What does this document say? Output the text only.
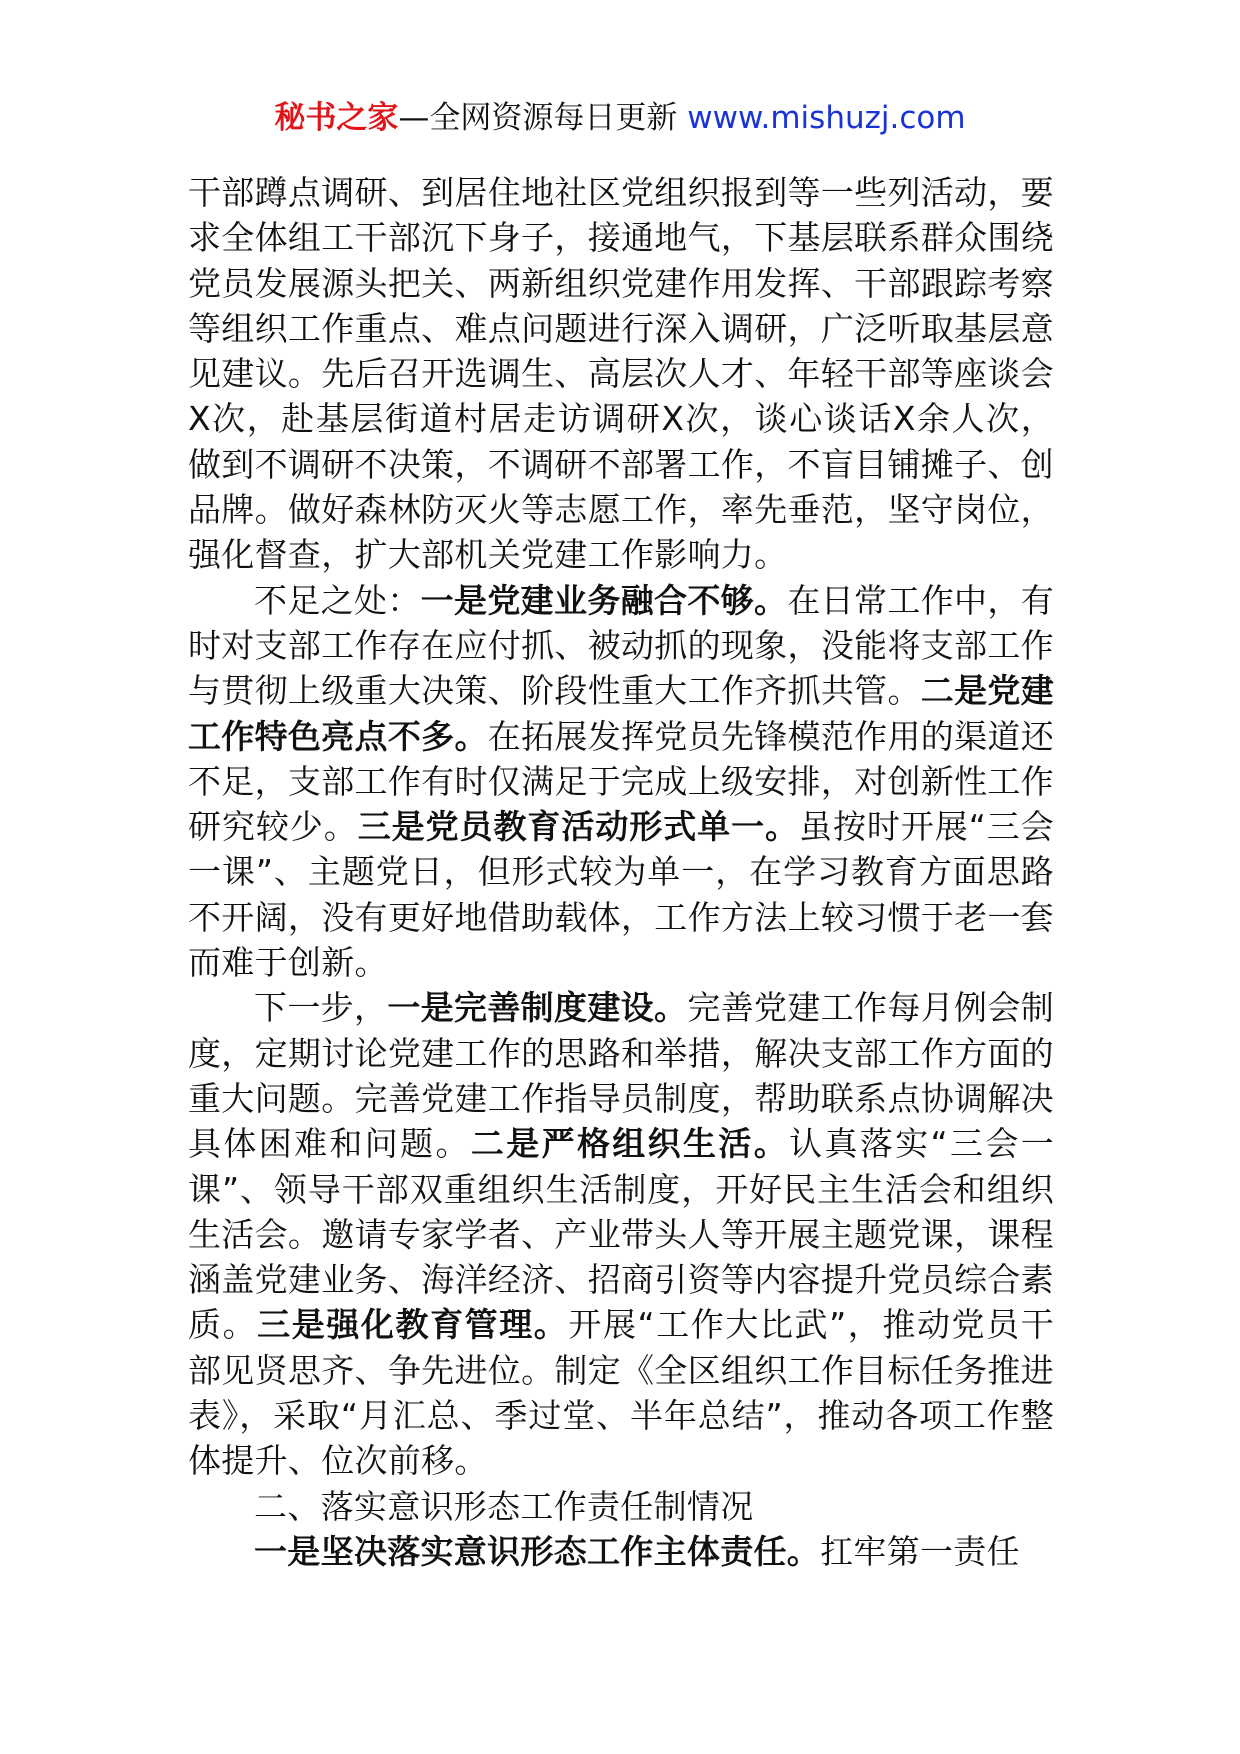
秘书之家—全网资源每日更新 www.mishuzj.com

干部蹲点调研、到居住地社区党组织报到等一些列活动，要求全体组工干部沉下身子，接通地气，下基层联系群众围绕党员发展源头把关、两新组织党建作用发挥、干部跟踪考察等组织工作重点、难点问题进行深入调研，广泛听取基层意见建议。先后召开选调生、高层次人才、年轻干部等座谈会X次，赴基层街道村居走访调研X次，谈心谈话X余人次，做到不调研不决策，不调研不部署工作，不盲目铺摊子、创品牌。做好森林防灭火等志愿工作，率先垂范，坚守岗位，强化督查，扩大部机关党建工作影响力。

不足之处：一是党建业务融合不够。在日常工作中，有时对支部工作存在应付抓、被动抓的现象，没能将支部工作与贯彻上级重大决策、阶段性重大工作齐抓共管。二是党建工作特色亮点不多。在拓展发挥党员先锋模范作用的渠道还不足，支部工作有时仅满足于完成上级安排，对创新性工作研究较少。三是党员教育活动形式单一。虽按时开展“三会一课”、主题党日，但形式较为单一，在学习教育方面思路不开阔，没有更好地借助载体，工作方法上较习惯于老一套而难于创新。

下一步，一是完善制度建设。完善党建工作每月例会制度，定期讨论党建工作的思路和举措，解决支部工作方面的重大问题。完善党建工作指导员制度，帮助联系点协调解决具体困难和问题。二是严格组织生活。认真落实“三会一课”、领导干部双重组织生活制度，开好民主生活会和组织生活会。邀请专家学者、产业带头人等开展主题党课，课程涵盖党建业务、海洋经济、招商引资等内容提升党员综合素质。三是强化教育管理。开展“工作大比武”，推动党员干部见贤思齐、争先进位。制定《全区组织工作目标任务推进表》，采取“月汇总、季过堂、半年总结”，推动各项工作整体提升、位次前移。

二、落实意识形态工作责任制情况

一是坚决落实意识形态工作主体责任。扛牢第一责任
